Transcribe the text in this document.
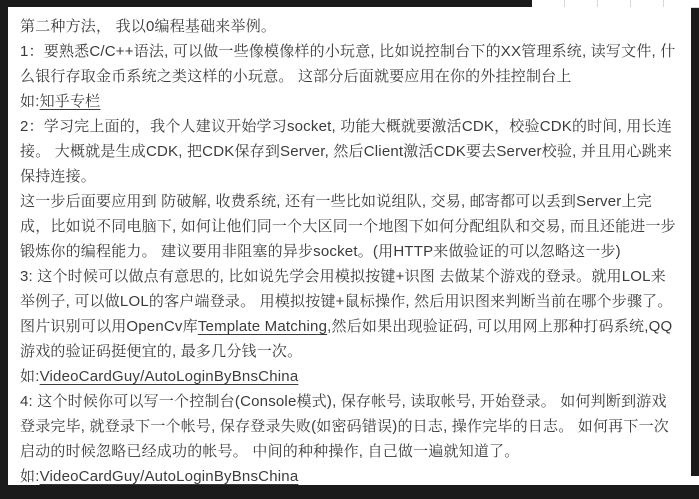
第二种方法， 我以0编程基础来举例。

1：要熟悉C/C++语法, 可以做一些像模像样的小玩意, 比如说控制台下的XX管理系统, 读写文件, 什么银行存取金币系统之类这样的小玩意。 这部分后面就要应用在你的外挂控制台上

如:知乎专栏

2：学习完上面的，我个人建议开始学习socket, 功能大概就要激活CDK，校验CDK的时间, 用长连接。 大概就是生成CDK, 把CDK保存到Server, 然后Client激活CDK要去Server校验, 并且用心跳来保持连接。

这一步后面要应用到 防破解, 收费系统, 还有一些比如说组队, 交易, 邮寄都可以丢到Server上完成，比如说不同电脑下, 如何让他们同一个大区同一个地图下如何分配组队和交易, 而且还能进一步锻炼你的编程能力。 建议要用非阻塞的异步socket。(用HTTP来做验证的可以忽略这一步)

3: 这个时候可以做点有意思的, 比如说先学会用模拟按键+识图 去做某个游戏的登录。就用LOL来举例子, 可以做LOL的客户端登录。 用模拟按键+鼠标操作, 然后用识图来判断当前在哪个步骤了。 图片识别可以用OpenCv库Template Matching,然后如果出现验证码, 可以用网上那种打码系统,QQ游戏的验证码挺便宜的, 最多几分钱一次。

如:VideoCardGuy/AutoLoginByBnsChina

4: 这个时候你可以写一个控制台(Console模式), 保存帐号, 读取帐号, 开始登录。 如何判断到游戏登录完毕, 就登录下一个帐号, 保存登录失败(如密码错误)的日志, 操作完毕的日志。 如何再下一次启动的时候忽略已经成功的帐号。 中间的种种操作, 自己做一遍就知道了。

如:VideoCardGuy/AutoLoginByBnsChina
